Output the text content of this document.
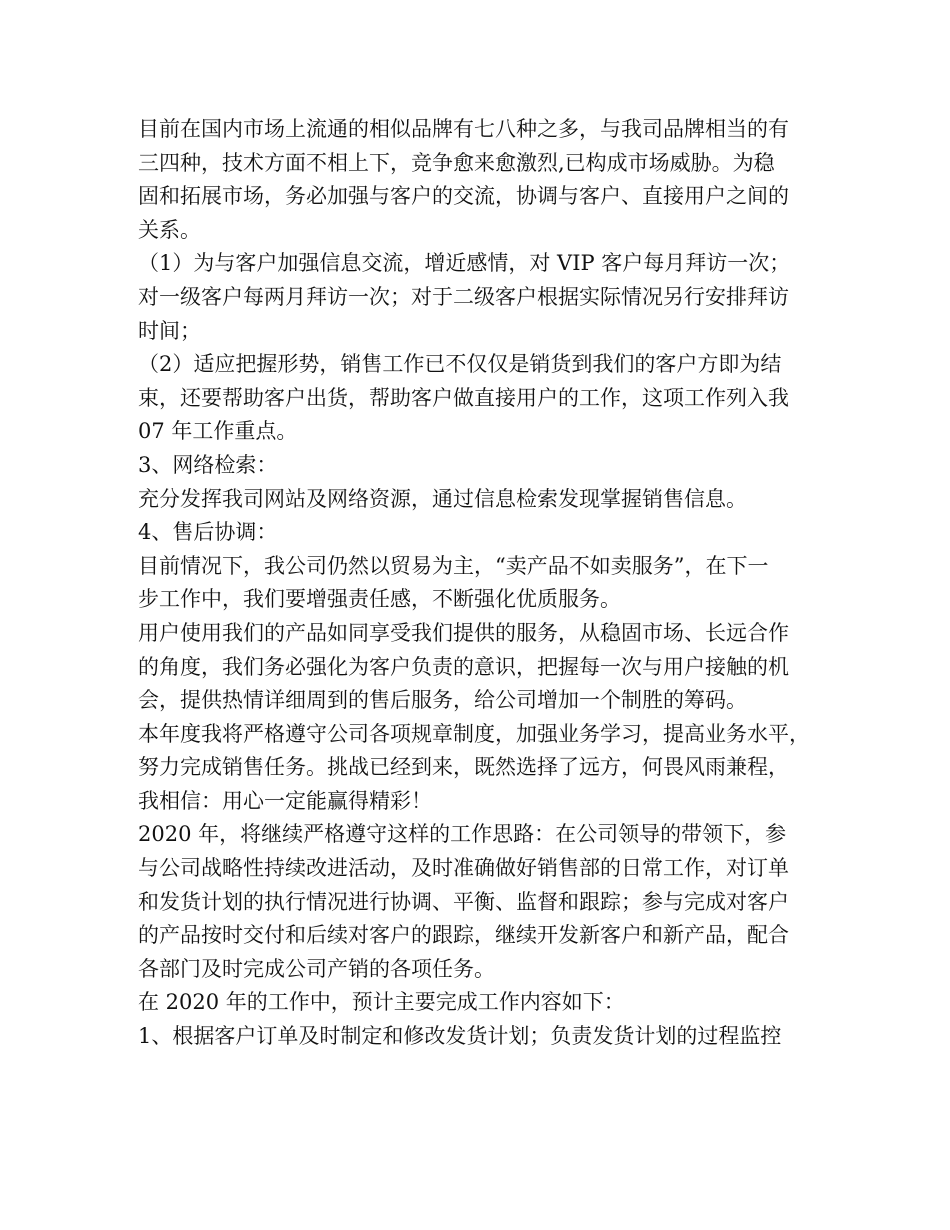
目前在国内市场上流通的相似品牌有七八种之多，与我司品牌相当的有
三四种，技术方面不相上下，竞争愈来愈激烈,已构成市场威胁。为稳
固和拓展市场，务必加强与客户的交流，协调与客户、直接用户之间的
关系。
（1）为与客户加强信息交流，增近感情，对 VIP 客户每月拜访一次；
对一级客户每两月拜访一次；对于二级客户根据实际情况另行安排拜访
时间；
（2）适应把握形势，销售工作已不仅仅是销货到我们的客户方即为结
束，还要帮助客户出货，帮助客户做直接用户的工作，这项工作列入我
07 年工作重点。
3、网络检索：
充分发挥我司网站及网络资源，通过信息检索发现掌握销售信息。
4、售后协调：
目前情况下，我公司仍然以贸易为主，“卖产品不如卖服务”，在下一
步工作中，我们要增强责任感，不断强化优质服务。
用户使用我们的产品如同享受我们提供的服务，从稳固市场、长远合作
的角度，我们务必强化为客户负责的意识，把握每一次与用户接触的机
会，提供热情详细周到的售后服务，给公司增加一个制胜的筹码。
本年度我将严格遵守公司各项规章制度，加强业务学习，提高业务水平，
努力完成销售任务。挑战已经到来，既然选择了远方，何畏风雨兼程，
我相信：用心一定能赢得精彩！
2020 年，将继续严格遵守这样的工作思路：在公司领导的带领下，参
与公司战略性持续改进活动，及时准确做好销售部的日常工作，对订单
和发货计划的执行情况进行协调、平衡、监督和跟踪；参与完成对客户
的产品按时交付和后续对客户的跟踪，继续开发新客户和新产品，配合
各部门及时完成公司产销的各项任务。
在 2020 年的工作中，预计主要完成工作内容如下：
1、根据客户订单及时制定和修改发货计划；负责发货计划的过程监控
